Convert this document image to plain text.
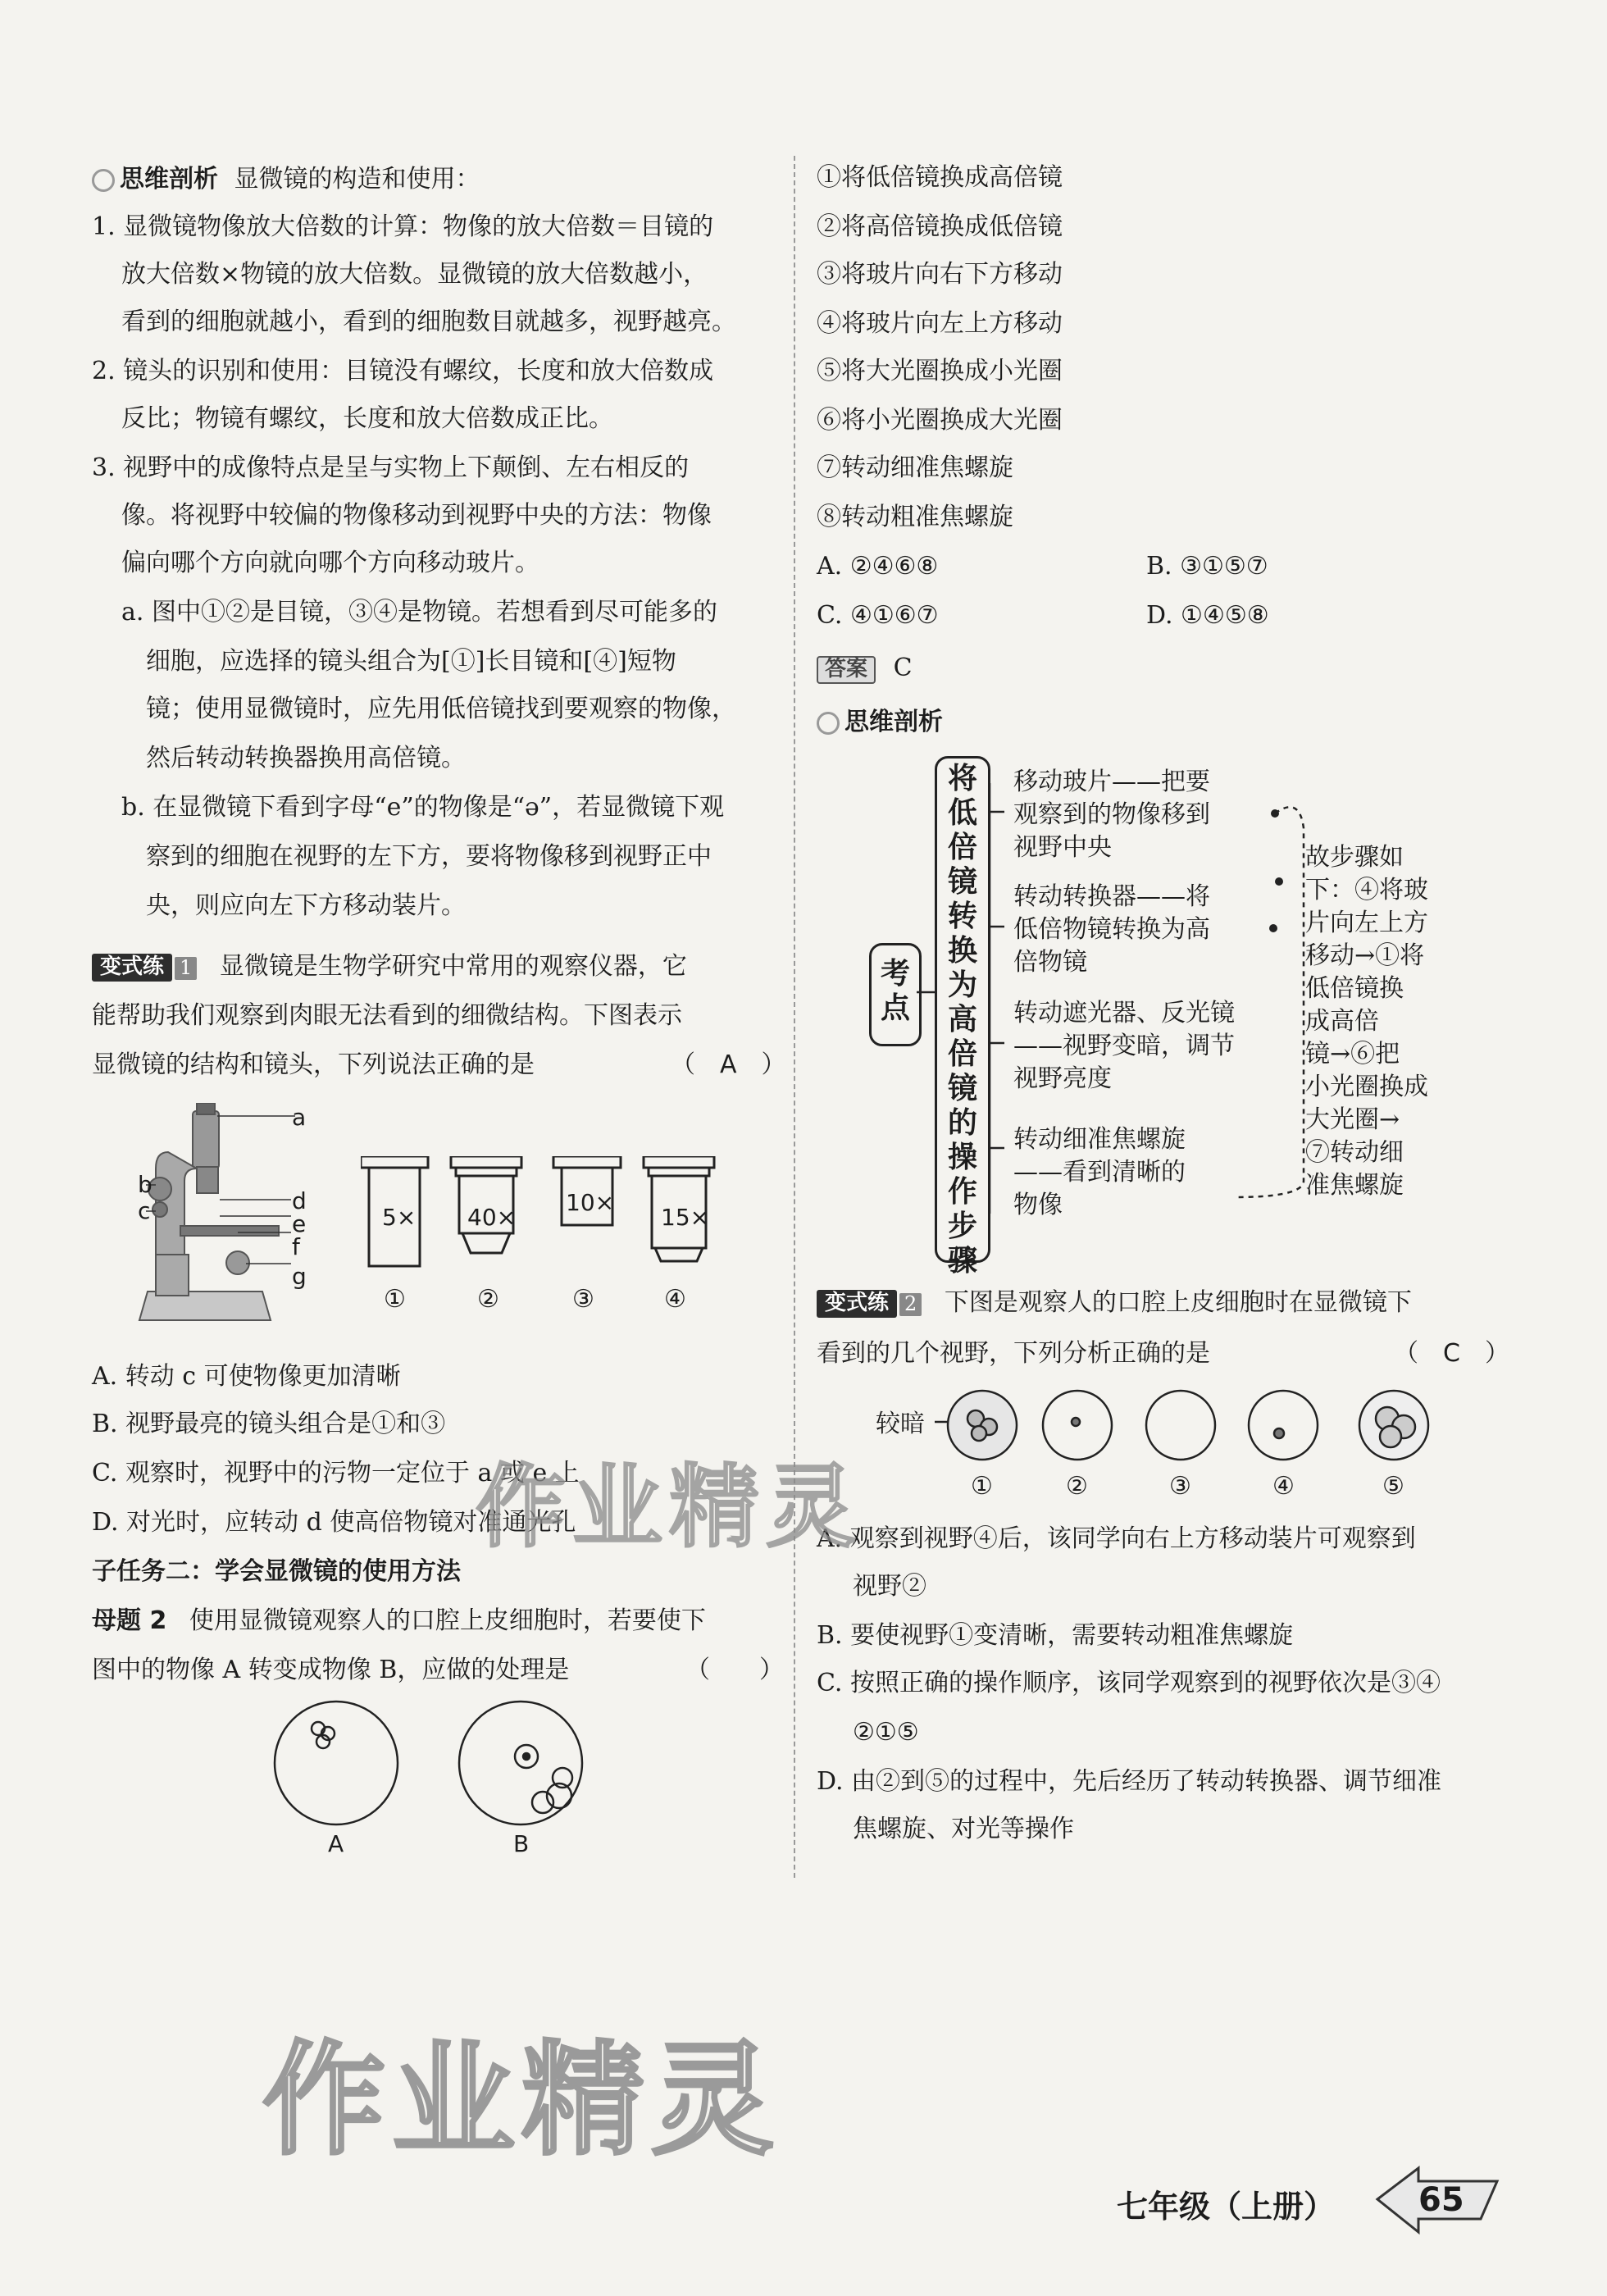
思维剖析 显微镜的构造和使用：
1. 显微镜物像放大倍数的计算：物像的放大倍数＝目镜的
放大倍数×物镜的放大倍数。显微镜的放大倍数越小，
看到的细胞就越小，看到的细胞数目就越多，视野越亮。
2. 镜头的识别和使用：目镜没有螺纹，长度和放大倍数成
反比；物镜有螺纹，长度和放大倍数成正比。
3. 视野中的成像特点是呈与实物上下颠倒、左右相反的
像。将视野中较偏的物像移动到视野中央的方法：物像
偏向哪个方向就向哪个方向移动玻片。
a. 图中①②是目镜，③④是物镜。若想看到尽可能多的
细胞，应选择的镜头组合为[①]长目镜和[④]短物
镜；使用显微镜时，应先用低倍镜找到要观察的物像，
然后转动转换器换用高倍镜。
b. 在显微镜下看到字母“e”的物像是“ə”，若显微镜下观
察到的细胞在视野的左下方，要将物像移到视野正中
央，则应向左下方移动装片。
变式练 1 显微镜是生物学研究中常用的观察仪器，它
能帮助我们观察到肉眼无法看到的细微结构。下图表示
显微镜的结构和镜头，下列说法正确的是	（　A　）
a
b
c	d
e
f
g
5× 40×
10×
15×
①	②	③	④
A. 转动 c 可使物像更加清晰
B. 视野最亮的镜头组合是①和③
C. 观察时，视野中的污物一定位于 a 或 e 上
D. 对光时，应转动 d 使高倍物镜对准通光孔
子任务二：学会显微镜的使用方法
母题 2 使用显微镜观察人的口腔上皮细胞时，若要使下
图中的物像 A 转变成物像 B，应做的处理是	（　　）
A	B
①将低倍镜换成高倍镜
②将高倍镜换成低倍镜
③将玻片向右下方移动
④将玻片向左上方移动
⑤将大光圈换成小光圈
⑥将小光圈换成大光圈
⑦转动细准焦螺旋
⑧转动粗准焦螺旋
A. ②④⑥⑧	B. ③①⑤⑦
C. ④①⑥⑦	D. ①④⑤⑧
答案 C
思维剖析
考点
将低倍镜转换为高倍镜的操作步骤
移动玻片——把要
观察到的物像移到
视野中央
转动转换器——将
低倍物镜转换为高
倍物镜
转动遮光器、反光镜
——视野变暗，调节
视野亮度
转动细准焦螺旋
——看到清晰的
物像
故步骤如
下：④将玻
片向左上方
移动→①将
低倍镜换
成高倍
镜→⑥把
小光圈换成
大光圈→
⑦转动细
准焦螺旋
变式练 2 下图是观察人的口腔上皮细胞时在显微镜下
看到的几个视野，下列分析正确的是	（　C　）
较暗
①	②	③	④	⑤
A. 观察到视野④后，该同学向右上方移动装片可观察到
视野②
B. 要使视野①变清晰，需要转动粗准焦螺旋
C. 按照正确的操作顺序，该同学观察到的视野依次是③④
②①⑤
D. 由②到⑤的过程中，先后经历了转动转换器、调节细准
焦螺旋、对光等操作
作业精灵
作业精灵
七年级（上册）	65
